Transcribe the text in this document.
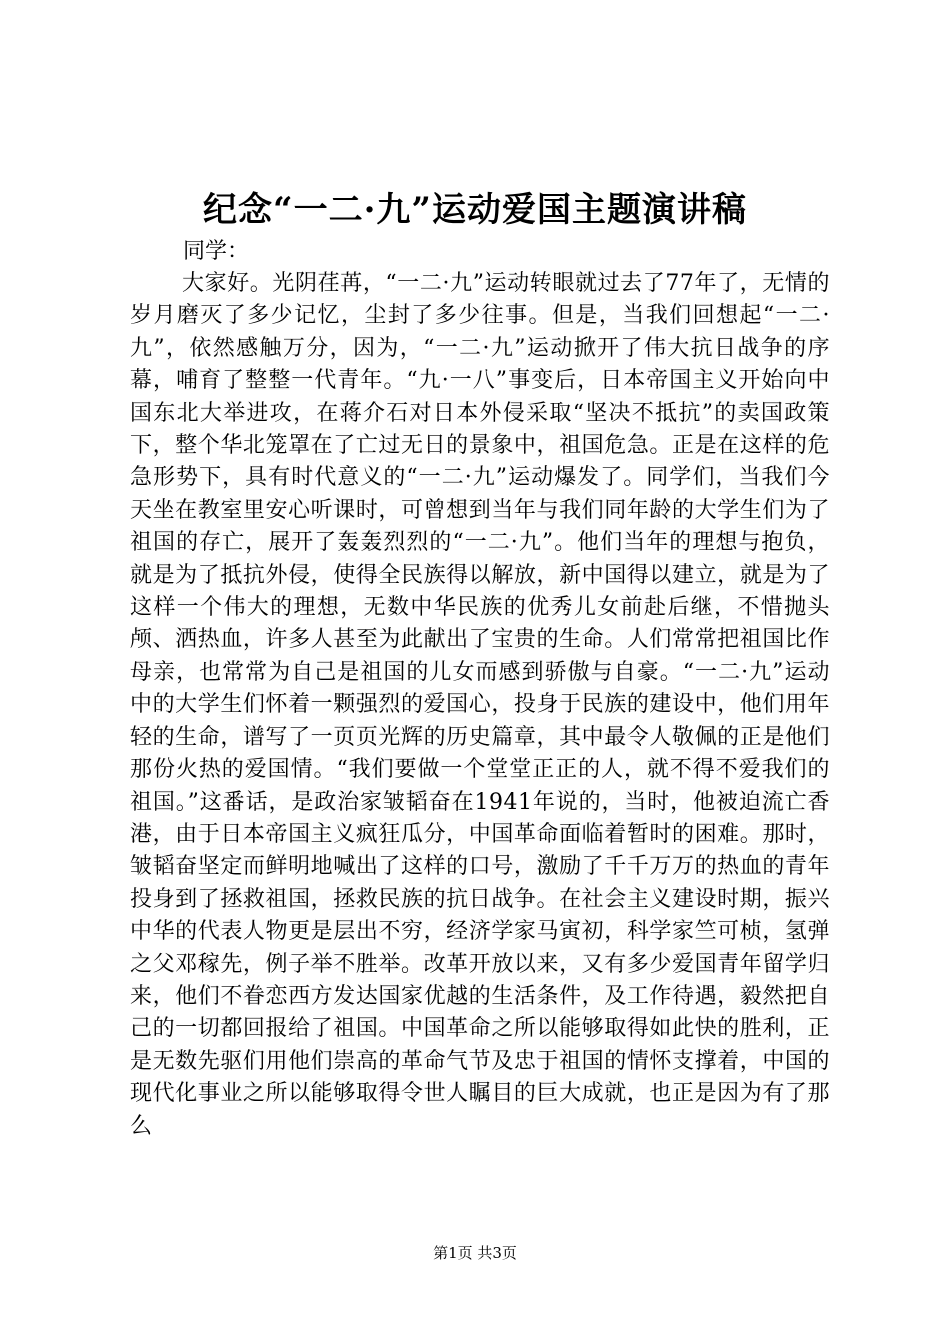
纪念“一二·九”运动爱国主题演讲稿

同学：

大家好。光阴荏苒，“一二·九”运动转眼就过去了77年了，无情的岁月磨灭了多少记忆，尘封了多少往事。但是，当我们回想起“一二·九”，依然感触万分，因为，“一二·九”运动掀开了伟大抗日战争的序幕，哺育了整整一代青年。“九·一八”事变后，日本帝国主义开始向中国东北大举进攻，在蒋介石对日本外侵采取“坚决不抵抗”的卖国政策下，整个华北笼罩在了亡过无日的景象中，祖国危急。正是在这样的危急形势下，具有时代意义的“一二·九”运动爆发了。同学们，当我们今天坐在教室里安心听课时，可曾想到当年与我们同年龄的大学生们为了祖国的存亡，展开了轰轰烈烈的“一二·九”。他们当年的理想与抱负，就是为了抵抗外侵，使得全民族得以解放，新中国得以建立，就是为了这样一个伟大的理想，无数中华民族的优秀儿女前赴后继，不惜抛头颅、洒热血，许多人甚至为此献出了宝贵的生命。人们常常把祖国比作母亲，也常常为自己是祖国的儿女而感到骄傲与自豪。“一二·九”运动中的大学生们怀着一颗强烈的爱国心，投身于民族的建设中，他们用年轻的生命，谱写了一页页光辉的历史篇章，其中最令人敬佩的正是他们那份火热的爱国情。“我们要做一个堂堂正正的人，就不得不爱我们的祖国。”这番话，是政治家皱韬奋在1941年说的，当时，他被迫流亡香港，由于日本帝国主义疯狂瓜分，中国革命面临着暂时的困难。那时，皱韬奋坚定而鲜明地喊出了这样的口号，激励了千千万万的热血的青年投身到了拯救祖国，拯救民族的抗日战争。在社会主义建设时期，振兴中华的代表人物更是层出不穷，经济学家马寅初，科学家竺可桢，氢弹之父邓稼先，例子举不胜举。改革开放以来，又有多少爱国青年留学归来，他们不眷恋西方发达国家优越的生活条件，及工作待遇，毅然把自己的一切都回报给了祖国。中国革命之所以能够取得如此快的胜利，正是无数先驱们用他们崇高的革命气节及忠于祖国的情怀支撑着，中国的现代化事业之所以能够取得令世人瞩目的巨大成就，也正是因为有了那么

第1页 共3页
